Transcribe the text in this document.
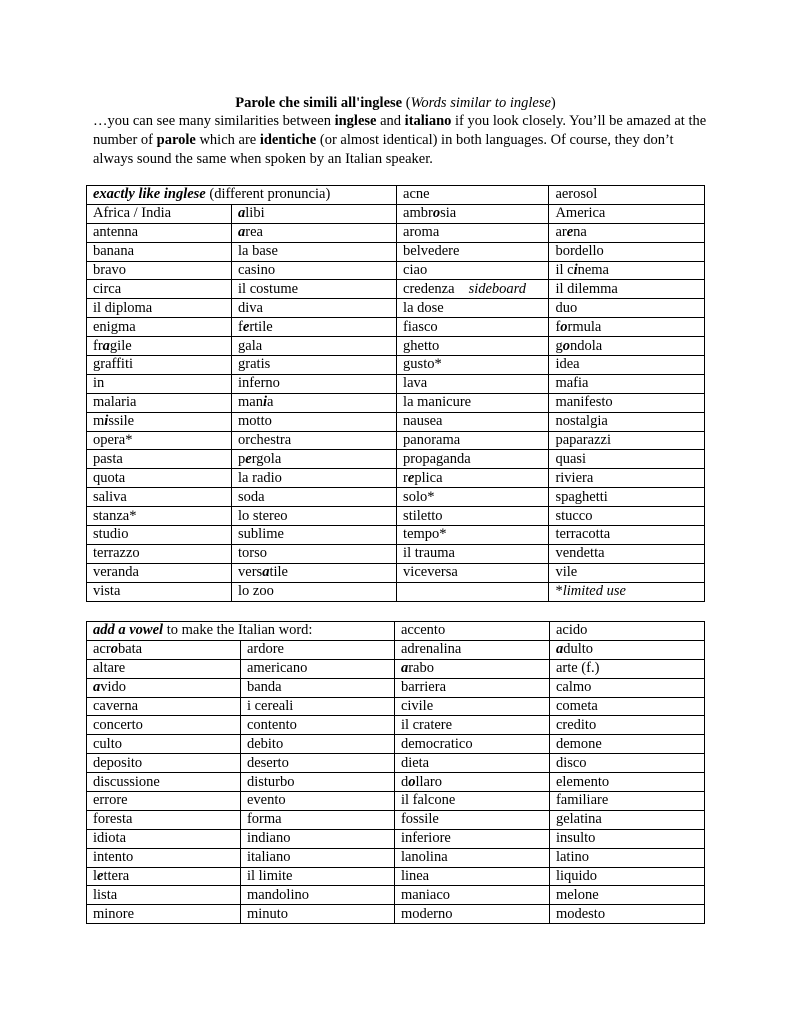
Parole che simili all'inglese (Words similar to inglese)
…you can see many similarities between inglese and italiano if you look closely. You’ll be amazed at the number of parole which are identiche (or almost identical) in both languages. Of course, they don’t always sound the same when spoken by an Italian speaker.
exactly like inglese (different pronuncia)		acne	aerosol
Africa / India	alibi	ambrosia	America
antenna	area	aroma	arena
banana	la base	belvedere	bordello
bravo	casino	ciao	il cinema
circa	il costume	credenza sideboard	il dilemma
il diploma	diva	la dose	duo
enigma	fertile	fiasco	formula
fragile	gala	ghetto	gondola
graffiti	gratis	gusto*	idea
in	inferno	lava	mafia
malaria	mania	la manicure	manifesto
missile	motto	nausea	nostalgia
opera*	orchestra	panorama	paparazzi
pasta	pergola	propaganda	quasi
quota	la radio	replica	riviera
saliva	soda	solo*	spaghetti
stanza*	lo stereo	stiletto	stucco
studio	sublime	tempo*	terracotta
terrazzo	torso	il trauma	vendetta
veranda	versatile	viceversa	vile
vista	lo zoo		*limited use
add a vowel to make the Italian word:		accento	acido
acrobata	ardore	adrenalina	adulto
altare	americano	arabo	arte (f.)
avido	banda	barriera	calmo
caverna	i cereali	civile	cometa
concerto	contento	il cratere	credito
culto	debito	democratico	demone
deposito	deserto	dieta	disco
discussione	disturbo	dollaro	elemento
errore	evento	il falcone	familiare
foresta	forma	fossile	gelatina
idiota	indiano	inferiore	insulto
intento	italiano	lanolina	latino
lettera	il limite	linea	liquido
lista	mandolino	maniaco	melone
minore	minuto	moderno	modesto
